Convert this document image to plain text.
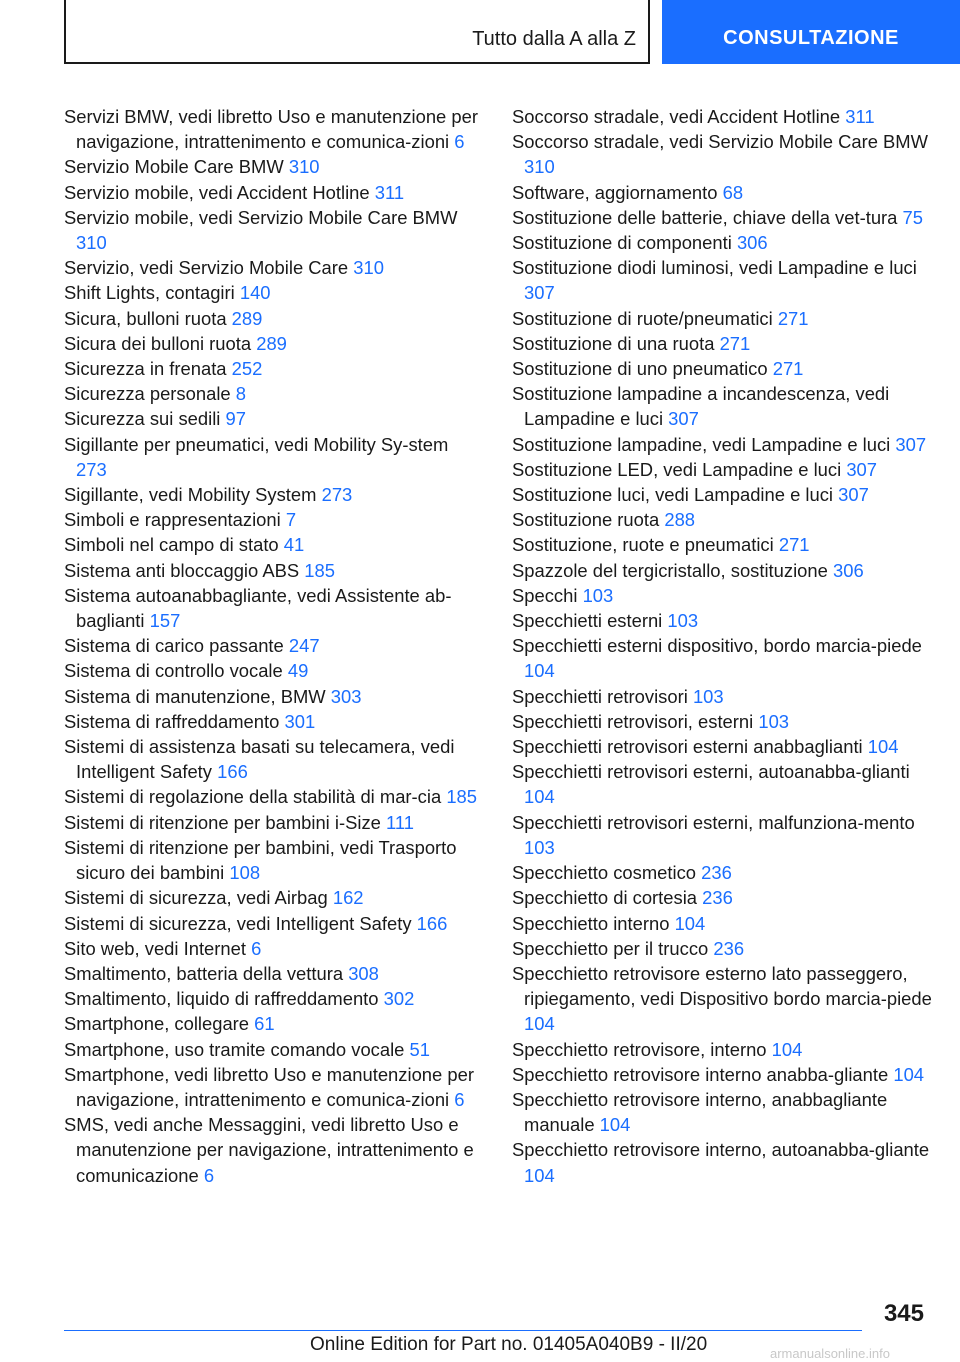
Tutto dalla A alla Z	CONSULTAZIONE
Servizi BMW, vedi libretto Uso e manutenzione per navigazione, intrattenimento e comunica-zioni 6
Servizio Mobile Care BMW 310
Servizio mobile, vedi Accident Hotline 311
Servizio mobile, vedi Servizio Mobile Care BMW 310
Servizio, vedi Servizio Mobile Care 310
Shift Lights, contagiri 140
Sicura, bulloni ruota 289
Sicura dei bulloni ruota 289
Sicurezza in frenata 252
Sicurezza personale 8
Sicurezza sui sedili 97
Sigillante per pneumatici, vedi Mobility Sy-stem 273
Sigillante, vedi Mobility System 273
Simboli e rappresentazioni 7
Simboli nel campo di stato 41
Sistema anti bloccaggio ABS 185
Sistema autoanabbagliante, vedi Assistente ab-baglianti 157
Sistema di carico passante 247
Sistema di controllo vocale 49
Sistema di manutenzione, BMW 303
Sistema di raffreddamento 301
Sistemi di assistenza basati su telecamera, vedi Intelligent Safety 166
Sistemi di regolazione della stabilità di mar-cia 185
Sistemi di ritenzione per bambini i-Size 111
Sistemi di ritenzione per bambini, vedi Trasporto sicuro dei bambini 108
Sistemi di sicurezza, vedi Airbag 162
Sistemi di sicurezza, vedi Intelligent Safety 166
Sito web, vedi Internet 6
Smaltimento, batteria della vettura 308
Smaltimento, liquido di raffreddamento 302
Smartphone, collegare 61
Smartphone, uso tramite comando vocale 51
Smartphone, vedi libretto Uso e manutenzione per navigazione, intrattenimento e comunica-zioni 6
SMS, vedi anche Messaggini, vedi libretto Uso e manutenzione per navigazione, intrattenimento e comunicazione 6
Soccorso stradale, vedi Accident Hotline 311
Soccorso stradale, vedi Servizio Mobile Care BMW 310
Software, aggiornamento 68
Sostituzione delle batterie, chiave della vet-tura 75
Sostituzione di componenti 306
Sostituzione diodi luminosi, vedi Lampadine e luci 307
Sostituzione di ruote/pneumatici 271
Sostituzione di una ruota 271
Sostituzione di uno pneumatico 271
Sostituzione lampadine a incandescenza, vedi Lampadine e luci 307
Sostituzione lampadine, vedi Lampadine e luci 307
Sostituzione LED, vedi Lampadine e luci 307
Sostituzione luci, vedi Lampadine e luci 307
Sostituzione ruota 288
Sostituzione, ruote e pneumatici 271
Spazzole del tergicristallo, sostituzione 306
Specchi 103
Specchietti esterni 103
Specchietti esterni dispositivo, bordo marcia-piede 104
Specchietti retrovisori 103
Specchietti retrovisori, esterni 103
Specchietti retrovisori esterni anabbaglianti 104
Specchietti retrovisori esterni, autoanabba-glianti 104
Specchietti retrovisori esterni, malfunziona-mento 103
Specchietto cosmetico 236
Specchietto di cortesia 236
Specchietto interno 104
Specchietto per il trucco 236
Specchietto retrovisore esterno lato passeggero, ripiegamento, vedi Dispositivo bordo marcia-piede 104
Specchietto retrovisore, interno 104
Specchietto retrovisore interno anabba-gliante 104
Specchietto retrovisore interno, anabbagliante manuale 104
Specchietto retrovisore interno, autoanabba-gliante 104
345
Online Edition for Part no. 01405A040B9 - II/20	armanualsonline.info
